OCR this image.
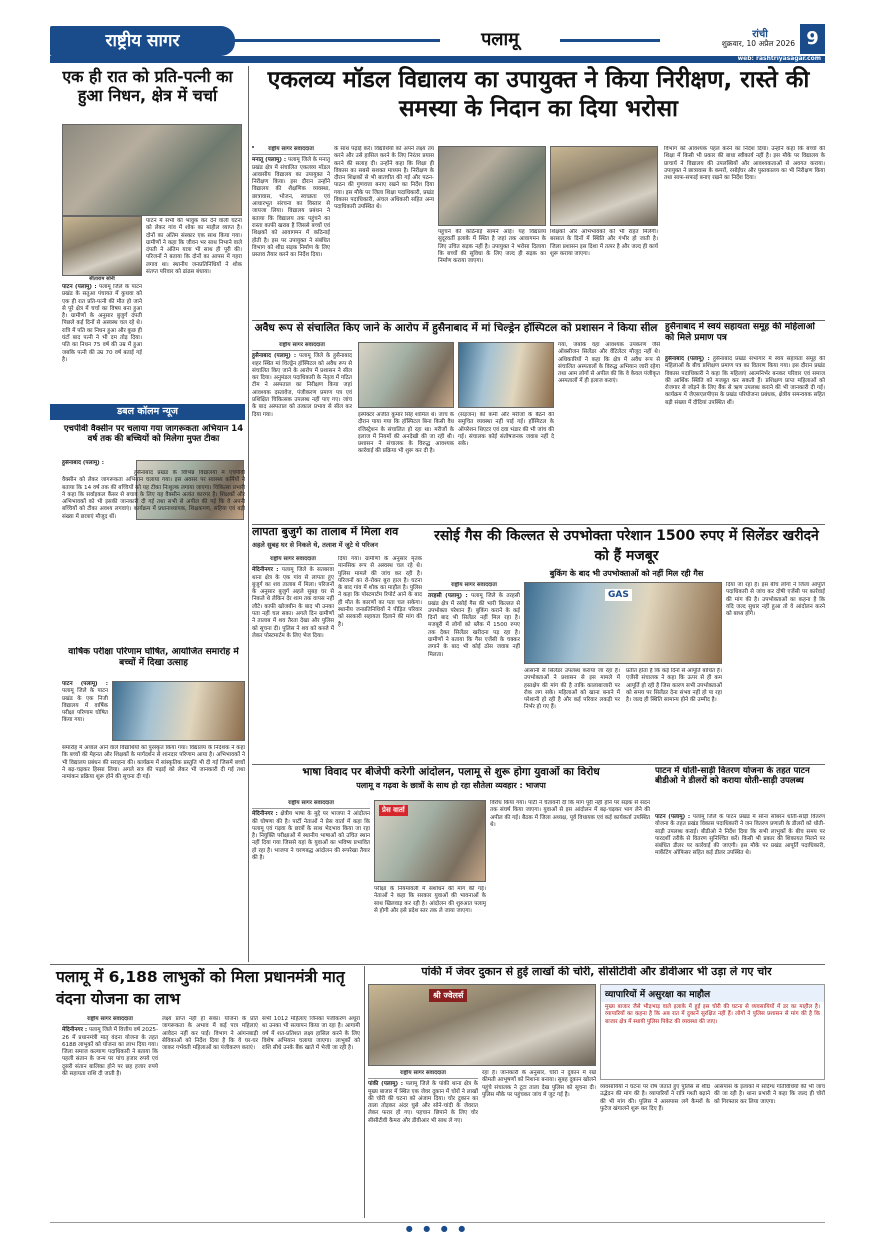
राष्ट्रीय सागर	पलामू	रांची
शुक्रवार, 10 अप्रैल 2026 9
web: rashtriyasagar.com
एक ही रात को प्रति-पत्नी का हुआ निधन, क्षेत्र में चर्चा
सीताराम सोनी
पाटन (पलामू) : पलामू जिले के पाटन प्रखंड के सतुआ पंचायत में कुधवा को एक ही रात प्रति-पत्नी की मौत हो जाने से पूरे क्षेत्र में चर्चा का विषय बना हुआ है। ग्रामीणों के अनुसार बुजुर्ग दंपती पिछले कई दिनों से अस्वस्थ चल रहे थे। रात्रि में पति का निधन हुआ और कुछ ही घंटों बाद पत्नी ने भी दम तोड़ दिया। पति का निधन 75 वर्ष की उम्र में हुआ जबकि पत्नी की उम्र 70 वर्ष बताई गई है।
पाटन में सभी की भावुक कर देने वाली घटना को लेकर गांव में शोक का माहौल व्याप्त है। दोनों का अंतिम संस्कार एक साथ किया गया। ग्रामीणों ने कहा कि जीवन भर साथ निभाने वाले दंपती ने अंतिम यात्रा भी साथ ही पूरी की। परिजनों ने बताया कि दोनों का आपस में गहरा लगाव था। स्थानीय जनप्रतिनिधियों ने शोक संतप्त परिवार को ढांढस बंधाया।
डबल कॉलम न्यूज
एचपीवी वैक्सीन पर चलाया गया जागरूकता अभियान 14 वर्ष तक की बच्चियों को मिलेगा मुफ्त टीका
हुसैनाबाद (पलामू) :
हुसैनाबाद प्रखंड के विभिन्न विद्यालयों में एचपीवी वैक्सीन को लेकर जागरूकता अभियान चलाया गया। इस अवसर पर स्वास्थ्य कर्मियों ने बताया कि 14 वर्ष तक की बच्चियों को यह टीका निःशुल्क लगाया जाएगा। चिकित्सा प्रभारी ने कहा कि सर्वाइकल कैंसर से बचाव के लिए यह वैक्सीन अत्यंत कारगर है। शिक्षकों और अभिभावकों को भी इसकी जानकारी दी गई तथा सभी से अपील की गई कि वे अपनी बच्चियों को टीका अवश्य लगवाएं। कार्यक्रम में प्रधानाध्यापक, शिक्षकगण, सहिया एवं बड़ी संख्या में छात्राएं मौजूद थीं।
वार्षिक परीक्षा परिणाम घोषित, आयोजित समारोह में बच्चों में दिखा उत्साह
पाटन (पलामू) : पलामू जिले के पाटन प्रखंड के एक निजी विद्यालय में वार्षिक परीक्षा परिणाम घोषित किया गया।
समारोह में अव्वल आने वाले विद्यार्थियों को पुरस्कृत किया गया। विद्यालय के निदेशक ने कहा कि बच्चों की मेहनत और शिक्षकों के मार्गदर्शन से शानदार परिणाम आया है। अभिभावकों ने भी विद्यालय प्रबंधन की सराहना की। कार्यक्रम में सांस्कृतिक प्रस्तुति भी दी गई जिसमें बच्चों ने बढ़-चढ़कर हिस्सा लिया। अगले सत्र की पढ़ाई को लेकर भी जानकारी दी गई तथा नामांकन प्रक्रिया शुरू होने की सूचना दी गई।
एकलव्य मॉडल विद्यालय का उपायुक्त ने किया निरीक्षण, रास्ते की समस्या के निदान का दिया भरोसा
राष्ट्रीय सागर संवाददाता
मनातू (पलामू) : पलामू जिले के मनातू प्रखंड क्षेत्र में संचालित एकलव्य मॉडल आवासीय विद्यालय का उपायुक्त ने निरीक्षण किया। इस दौरान उन्होंने विद्यालय की शैक्षणिक व्यवस्था, छात्रावास, भोजन, स्वच्छता एवं आधारभूत संरचना का विस्तार से जायजा लिया। विद्यालय प्रबंधन ने बताया कि विद्यालय तक पहुंचने का रास्ता काफी खराब है जिससे बच्चों एवं शिक्षकों को आवागमन में कठिनाई होती है। इस पर उपायुक्त ने संबंधित विभाग को शीघ्र सड़क निर्माण के लिए प्रस्ताव तैयार करने का निर्देश दिया।
के साथ पढ़ाई करें। विद्यार्थियों को अपने लक्ष्य तय करने और उसे हासिल करने के लिए निरंतर प्रयास करने की सलाह दी। उन्होंने कहा कि शिक्षा ही विकास का सबसे सशक्त माध्यम है। निरीक्षण के दौरान शिक्षकों से भी बातचीत की गई और पठन-पाठन की गुणवत्ता बनाए रखने का निर्देश दिया गया। इस मौके पर जिला शिक्षा पदाधिकारी, प्रखंड विकास पदाधिकारी, अंचल अधिकारी सहित अन्य पदाधिकारी उपस्थित थे।
पहुंचने की कठिनाई सामने आई। यह विद्यालय सुदूरवर्ती इलाके में स्थित है जहां तक आवागमन के लिए उचित सड़क नहीं है। उपायुक्त ने भरोसा दिलाया कि बच्चों की सुविधा के लिए जल्द ही सड़क का निर्माण कराया जाएगा।
शिक्षकों और अभिभावकों को भी राहत मिलेगी। बरसात के दिनों में स्थिति और गंभीर हो जाती है। जिला प्रशासन इस दिशा में तत्पर है और जल्द ही कार्य शुरू कराया जाएगा।
विभाग को आवश्यक पहल करने का निर्देश दिया। उन्होंने कहा कि बच्चों की शिक्षा में किसी भी प्रकार की बाधा स्वीकार्य नहीं है। इस मौके पर विद्यालय के प्राचार्य ने विद्यालय की उपलब्धियों और आवश्यकताओं से अवगत कराया। उपायुक्त ने छात्रावास के कमरों, रसोईघर और पुस्तकालय का भी निरीक्षण किया तथा साफ-सफाई बनाए रखने का निर्देश दिया।
अवैध रूप से संचालित किए जाने के आरोप में हुसैनाबाद में मां चिल्ड्रेन हॉस्पिटल को प्रशासन ने किया सील
राष्ट्रीय सागर संवाददाता
हुसैनाबाद (पलामू) : पलामू जिले के हुसैनाबाद शहर स्थित मां चिल्ड्रेन हॉस्पिटल को अवैध रूप से संचालित किए जाने के आरोप में प्रशासन ने सील कर दिया। अनुमंडल पदाधिकारी के नेतृत्व में गठित टीम ने अस्पताल का निरीक्षण किया जहां आवश्यक दस्तावेज, पंजीकरण प्रमाण पत्र एवं प्रशिक्षित चिकित्सक उपलब्ध नहीं पाए गए। जांच के बाद अस्पताल को तत्काल प्रभाव से सील कर दिया गया।	इंस्पेक्टर अजीत कुमार सिंह शामिल थे। जांच के दौरान पाया गया कि हॉस्पिटल बिना किसी वैध रजिस्ट्रेशन के संचालित हो रहा था। मरीजों के इलाज में नियमों की अनदेखी की जा रही थी। प्रशासन ने संचालक के विरुद्ध आवश्यक कार्रवाई की प्रक्रिया भी शुरू कर दी है।
(सड़जन) की कमी और मरीजों के बैठने की समुचित व्यवस्था नहीं पाई गई। हॉस्पिटल के ऑपरेशन थिएटर एवं दवा भंडार की भी जांच की गई। संचालक कोई संतोषजनक जवाब नहीं दे सके।
गया, जबकि वहां आवश्यक उपकरण जैसे ऑक्सीजन सिलेंडर और वेंटिलेटर मौजूद नहीं थे। अधिकारियों ने कहा कि क्षेत्र में अवैध रूप से संचालित अस्पतालों के विरुद्ध अभियान जारी रहेगा तथा आम लोगों से अपील की कि वे केवल पंजीकृत अस्पतालों में ही इलाज कराएं।
हुसैनाबाद में स्वयं सहायता समूह की महिलाओं को मिले प्रमाण पत्र
हुसैनाबाद (पलामू) : हुसैनाबाद प्रखंड सभागार में स्वयं सहायता समूह की महिलाओं के बीच प्रशिक्षण प्रमाण पत्र का वितरण किया गया। इस दौरान प्रखंड विकास पदाधिकारी ने कहा कि महिलाएं आत्मनिर्भर बनकर परिवार एवं समाज की आर्थिक स्थिति को मजबूत कर सकती हैं। प्रशिक्षण प्राप्त महिलाओं को रोजगार से जोड़ने के लिए बैंक से ऋण उपलब्ध कराने की भी जानकारी दी गई। कार्यक्रम में जेएसएलपीएस के प्रखंड परियोजना प्रबंधक, क्षेत्रीय समन्वयक सहित बड़ी संख्या में दीदियां उपस्थित थीं।
लापता बुजुर्ग का तालाब में मिला शव
अहले सुबह घर से निकले थे, तलाश में जुटे थे परिजन
राष्ट्रीय सागर संवाददाता
मेदिनीनगर : पलामू जिले के सतबरवा थाना क्षेत्र के एक गांव से लापता हुए बुजुर्ग का शव तालाब में मिला। परिजनों के अनुसार बुजुर्ग अहले सुबह घर से निकले थे लेकिन देर शाम तक वापस नहीं लौटे। काफी खोजबीन के बाद भी उनका पता नहीं चल सका। अगले दिन ग्रामीणों ने तालाब में शव तैरता देखा और पुलिस को सूचना दी। पुलिस ने शव को कब्जे में लेकर पोस्टमार्टम के लिए भेज दिया।
दिया गया। ग्रामीणों के अनुसार मृतक मानसिक रूप से अस्वस्थ चल रहे थे। पुलिस मामले की जांच कर रही है। परिजनों का रो-रोकर बुरा हाल है। घटना के बाद गांव में शोक का माहौल है। पुलिस ने कहा कि पोस्टमार्टम रिपोर्ट आने के बाद ही मौत के कारणों का पता चल सकेगा। स्थानीय जनप्रतिनिधियों ने पीड़ित परिवार को सरकारी सहायता दिलाने की मांग की है।
रसोई गैस की किल्लत से उपभोक्ता परेशान 1500 रुपए में सिलेंडर खरीदने को हैं मजबूर
बुकिंग के बाद भी उपभोक्ताओं को नहीं मिल रही गैस
राष्ट्रीय सागर संवाददाता
तरहसी (पलामू) : पलामू जिले के तरहसी प्रखंड क्षेत्र में रसोई गैस की भारी किल्लत से उपभोक्ता परेशान हैं। बुकिंग कराने के कई दिनों बाद भी सिलेंडर नहीं मिल रहा है। मजबूरी में लोगों को ब्लैक में 1500 रुपए तक देकर सिलेंडर खरीदना पड़ रहा है। ग्रामीणों ने बताया कि गैस एजेंसी के चक्कर लगाने के बाद भी कोई ठोस जवाब नहीं मिलता।
GAS
आसानी से सिलेंडर उपलब्ध कराया जा रहा है। उपभोक्ताओं ने प्रशासन से इस मामले में हस्तक्षेप की मांग की है ताकि कालाबाजारी पर रोक लग सके। महिलाओं को खाना बनाने में परेशानी हो रही है और कई परिवार लकड़ी पर निर्भर हो गए हैं।
प्रतीत होता है कि कई दिनों से आपूर्ति बाधित है। एजेंसी संचालक ने कहा कि ऊपर से ही कम आपूर्ति हो रही है जिस कारण सभी उपभोक्ताओं को समय पर सिलेंडर देना संभव नहीं हो पा रहा है। जल्द ही स्थिति सामान्य होने की उम्मीद है।
दिया जा रहा है। इस बीच लोगों ने जिला आपूर्ति पदाधिकारी से जांच कर दोषी एजेंसी पर कार्रवाई की मांग की है। उपभोक्ताओं का कहना है कि यदि जल्द सुधार नहीं हुआ तो वे आंदोलन करने को बाध्य होंगे।
भाषा विवाद पर बीजेपी करेगी आंदोलन, पलामू से शुरू होगा युवाओं का विरोध
पलामू व गढ़वा के छात्रों के साथ हो रहा सौतेला व्यवहार : भाजपा
राष्ट्रीय सागर संवाददाता
मेदिनीनगर : क्षेत्रीय भाषा के मुद्दे पर भाजपा ने आंदोलन की घोषणा की है। पार्टी नेताओं ने प्रेस वार्ता में कहा कि पलामू एवं गढ़वा के छात्रों के साथ भेदभाव किया जा रहा है। नियुक्ति परीक्षाओं में स्थानीय भाषाओं को उचित स्थान नहीं दिया गया जिससे यहां के युवाओं का भविष्य प्रभावित हो रहा है। भाजपा ने चरणबद्ध आंदोलन की रूपरेखा तैयार की है।
प्रेस वार्ता
परीक्षा के नियमावली में संशोधन की मांग की गई। नेताओं ने कहा कि सरकार युवाओं की भावनाओं के साथ खिलवाड़ कर रही है। आंदोलन की शुरुआत पलामू से होगी और इसे प्रदेश स्तर तक ले जाया जाएगा।
विरोध किया गया। पार्टी ने चेतावनी दी कि मांग पूरी नहीं होने पर सड़क से सदन तक संघर्ष किया जाएगा। युवाओं से इस आंदोलन में बढ़-चढ़कर भाग लेने की अपील की गई। बैठक में जिला अध्यक्ष, पूर्व विधायक एवं कई कार्यकर्ता उपस्थित थे।
पाटन में धोती-साड़ी वितरण योजना के तहत पाटन बीडीओ ने डीलरों को कराया धोती-साड़ी उपलब्ध
पाटन (पलामू) : पलामू जिले के पाटन प्रखंड में सोना सोबरन धोती-साड़ी वितरण योजना के तहत प्रखंड विकास पदाधिकारी ने जन वितरण प्रणाली के डीलरों को धोती-साड़ी उपलब्ध कराई। बीडीओ ने निर्देश दिया कि सभी लाभुकों के बीच समय पर पारदर्शी तरीके से वितरण सुनिश्चित करें। किसी भी प्रकार की शिकायत मिलने पर संबंधित डीलर पर कार्रवाई की जाएगी। इस मौके पर प्रखंड आपूर्ति पदाधिकारी, मार्केटिंग ऑफिसर सहित कई डीलर उपस्थित थे।
पलामू में 6,188 लाभुकों को मिला प्रधानमंत्री मातृ वंदना योजना का लाभ
राष्ट्रीय सागर संवाददाता
मेदिनीनगर : पलामू जिले में वित्तीय वर्ष 2025-26 में प्रधानमंत्री मातृ वंदना योजना के तहत 6188 लाभुकों को योजना का लाभ दिया गया। जिला समाज कल्याण पदाधिकारी ने बताया कि पहली संतान के जन्म पर पांच हजार रुपये एवं दूसरी संतान बालिका होने पर छह हजार रुपये की सहायता राशि दी जाती है।
लक्ष्य प्राप्त नहीं हो सका। योजना के प्रति जागरूकता के अभाव में कई पात्र महिलाएं आवेदन नहीं कर पाईं। विभाग ने आंगनबाड़ी सेविकाओं को निर्देश दिया है कि वे घर-घर जाकर गर्भवती महिलाओं का पंजीकरण कराएं।
सभी 1012 महिलाएं जिनका पंजीकरण अधूरा था उनका भी सत्यापन किया जा रहा है। आगामी वर्ष में शत-प्रतिशत लक्ष्य हासिल करने के लिए विशेष अभियान चलाया जाएगा। लाभुकों को राशि सीधे उनके बैंक खाते में भेजी जा रही है।
पांकी में जेवर दुकान से हुई लाखों की चोरी, सीसीटीवी और डीवीआर भी उड़ा ले गए चोर
श्री ज्वेलर्स
राष्ट्रीय सागर संवाददाता
पांकी (पलामू) : पलामू जिले के पांकी थाना क्षेत्र के मुख्य बाजार में स्थित एक जेवर दुकान में चोरों ने लाखों की चोरी की घटना को अंजाम दिया। चोर दुकान का ताला तोड़कर अंदर घुसे और सोने-चांदी के जेवरात लेकर फरार हो गए। पहचान छिपाने के लिए चोर सीसीटीवी कैमरा और डीवीआर भी साथ ले गए।
रहा है। जानकारी के अनुसार, चोरों ने दुकान में रखे कीमती आभूषणों को निशाना बनाया। सुबह दुकान खोलने पहुंचे संचालक ने टूटा ताला देख पुलिस को सूचना दी। पुलिस मौके पर पहुंचकर जांच में जुट गई है।
व्यापारियों में असुरक्षा का माहौल
मुख्य बाजार जैसे भीड़भाड़ वाले इलाके में हुई इस चोरी की घटना से व्यवसायियों में डर का माहौल है। व्यापारियों का कहना है कि अब रात में दुकानें सुरक्षित नहीं हैं। लोगों ने पुलिस प्रशासन से मांग की है कि बाजार क्षेत्र में स्थायी पुलिस पिकेट की व्यवस्था की जाए।
व्यवसायियों ने घटना पर रोष जताते हुए पुलिस से शीघ्र उद्भेदन की मांग की है। व्यापारियों ने रात्रि गश्ती बढ़ाने की भी मांग की। पुलिस ने आसपास लगे कैमरों के फुटेज खंगालने शुरू कर दिए हैं।
आसपास के इलाकों में संदिग्ध गतिविधियों की भी जांच की जा रही है। थाना प्रभारी ने कहा कि जल्द ही चोरों को गिरफ्तार कर लिया जाएगा।
● ● ● ●
